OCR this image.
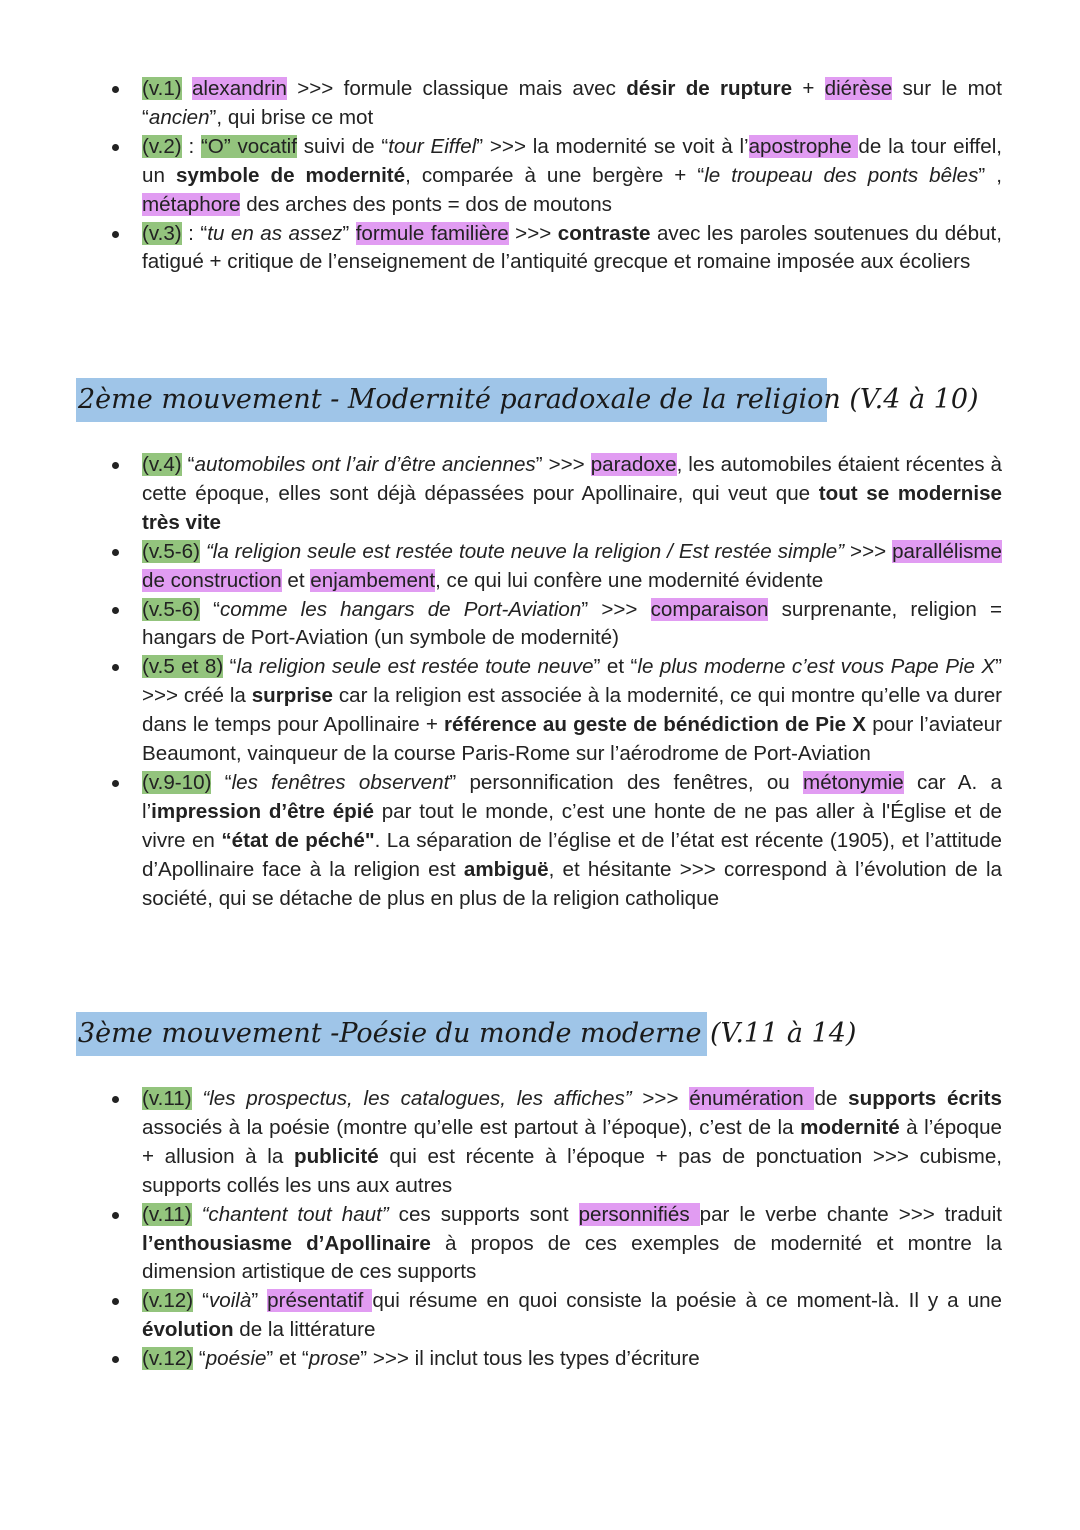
(v.1) alexandrin >>> formule classique mais avec désir de rupture + diérèse sur le mot “ancien”, qui brise ce mot
(v.2) : “O” vocatif suivi de “tour Eiffel” >>> la modernité se voit à l’apostrophe de la tour eiffel, un symbole de modernité, comparée à une bergère + “le troupeau des ponts bêles” , métaphore des arches des ponts = dos de moutons
(v.3) : “tu en as assez” formule familière >>> contraste avec les paroles soutenues du début, fatigué + critique de l’enseignement de l’antiquité grecque et romaine imposée aux écoliers
2ème mouvement - Modernité paradoxale de la religion (V.4 à 10)
(v.4) “automobiles ont l’air d’être anciennes” >>> paradoxe, les automobiles étaient récentes à cette époque, elles sont déjà dépassées pour Apollinaire, qui veut que tout se modernise très vite
(v.5-6) “la religion seule est restée toute neuve la religion / Est restée simple” >>> parallélisme de construction et enjambement, ce qui lui confère une modernité évidente
(v.5-6) “comme les hangars de Port-Aviation” >>> comparaison surprenante, religion = hangars de Port-Aviation (un symbole de modernité)
(v.5 et 8) “la religion seule est restée toute neuve” et “le plus moderne c’est vous Pape Pie X” >>> créé la surprise car la religion est associée à la modernité, ce qui montre qu’elle va durer dans le temps pour Apollinaire + référence au geste de bénédiction de Pie X pour l’aviateur Beaumont, vainqueur de la course Paris-Rome sur l’aérodrome de Port-Aviation
(v.9-10) “les fenêtres observent” personnification des fenêtres, ou métonymie car A. a l’impression d’être épié par tout le monde, c’est une honte de ne pas aller à l'Église et de vivre en “état de péché". La séparation de l’église et de l’état est récente (1905), et l’attitude d’Apollinaire face à la religion est ambiguë, et hésitante >>> correspond à l’évolution de la société, qui se détache de plus en plus de la religion catholique
3ème mouvement -Poésie du monde moderne (V.11 à 14)
(v.11) “les prospectus, les catalogues, les affiches” >>> énumération de supports écrits associés à la poésie (montre qu’elle est partout à l’époque), c’est de la modernité à l’époque + allusion à la publicité qui est récente à l’époque + pas de ponctuation >>> cubisme, supports collés les uns aux autres
(v.11) “chantent tout haut” ces supports sont personnifiés par le verbe chante >>> traduit l’enthousiasme d’Apollinaire à propos de ces exemples de modernité et montre la dimension artistique de ces supports
(v.12) “voilà” présentatif qui résume en quoi consiste la poésie à ce moment-là. Il y a une évolution de la littérature
(v.12) “poésie” et “prose” >>> il inclut tous les types d’écriture
